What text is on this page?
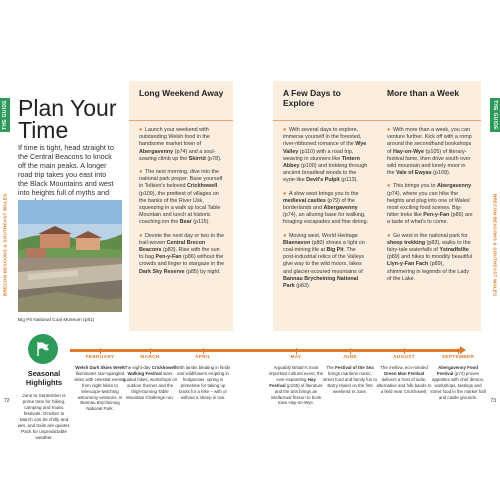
THE GUIDE	THE GUIDE
BRECON BEACONS & SOUTHEAST WALES	BRECON BEACONS & SOUTHEAST WALES
Plan Your Time

If time is tight, head straight to the Central Beacons to knock off the main peaks. A longer road trip takes you east into the Black Mountains and west into heights full of myths and

Big Pit National Coal Museum (p81)

Long Weekend Away

● Launch your weekend with outstanding Welsh food in the handsome market town of Abergavenny (p74) and a soul-soaring climb up the Skirrid (p78).

● The next morning, dive into the national park proper. Base yourself in Tolkien's beloved Crickhowell (p109), the prettiest of villages on the banks of the River Usk, squeezing in a walk up local Table Mountain and lunch at historic coaching inn the Bear (p115).

● Devote the next day or two to the trail-woven Central Brecon Beacons (p83). Rise with the sun to bag Pen-y-Fan (p86) without the crowds and linger to stargaze in the Dark Sky Reserve (p85) by night.

A Few Days to Explore

● With several days to explore, immerse yourself in the forested, river-ribboned romance of the Wye Valley (p110) with a road trip, weaving in stunners like Tintern Abbey (p100) and trekking through ancient broadleaf woods to the eyrie-like Devil's Pulpit (p113).

● A slow west brings you to the medieval castles (p79) of the borderlands and Abergavenny (p74), an alluring base for walking, foraging escapades and fine dining.

● Moving west, World Heritage Blaenavon (p80) shines a light on coal-mining life at Big Pit. The post-industrial relics of the Valleys give way to the wild moors, lakes and glacier-scoured mountains of Bannau Brycheiniog National Park (p83).

More than a Week

● With more than a week, you can venture further. Kick off with a romp around the secondhand bookshops of Hay-on-Wye (p105) of literary-festival fame, then drive south over wild mountain and lonely moor in the Vale of Ewyas (p109).

● This brings you to Abergavenny (p74), where you can hike the heights and plug into one of Wales' most exciting food scenes. Big-hitter treks like Pen-y-Fan (p86) are a taste of what's to come.

● Go west in the national park for sheep trekking (p83), walks to the fairy-tale waterfalls of Ystradfellte (p89) and hikes to moodily beautiful Llyn-y-Fan Fach (p89), shimmering in legends of the Lady of the Lake.

Seasonal Highlights

June to September is prime time for hiking, camping and music festivals. October to March can be chilly and wet, and trails are quieter. Pack for unpredictable weather.

FEBRUARY

Welsh Dark Skies Week illuminates star-spangled skies with celestial events, from night hikes to telescope-twitching astronomy sessions, in Bannau Brycheiniog National Park.

MARCH

The eight-day Crickhowell Walking Festival stars guided hikes, workshops on outdoor themes and the thigh-burning Table Mountain Challenge run.

APRIL

With lambs bleating in fields and wildflowers erupting in hedgerows, spring is primetime for taking up boots for a hike – with or without a sheep in tow.

MAY

Arguably Britain's most important cultural event, the ever-expanding Hay Festival (p105) of literature and the arts brings an intellectual frisson to book town Hay-on-Wye.

JUNE

The Festival of the Sea brings maritime music, street food and family fun to Barry Island on the first weekend in June.

AUGUST

The mellow, eco-minded Green Man Festival delivers a host of indie, alternative and folk bands to a field near Crickhowell.

SEPTEMBER

Abergavenny Food Festival (p74) proves appetites with chef demos, workshops, tastings and street food in the market hall and castle grounds.

72	73
